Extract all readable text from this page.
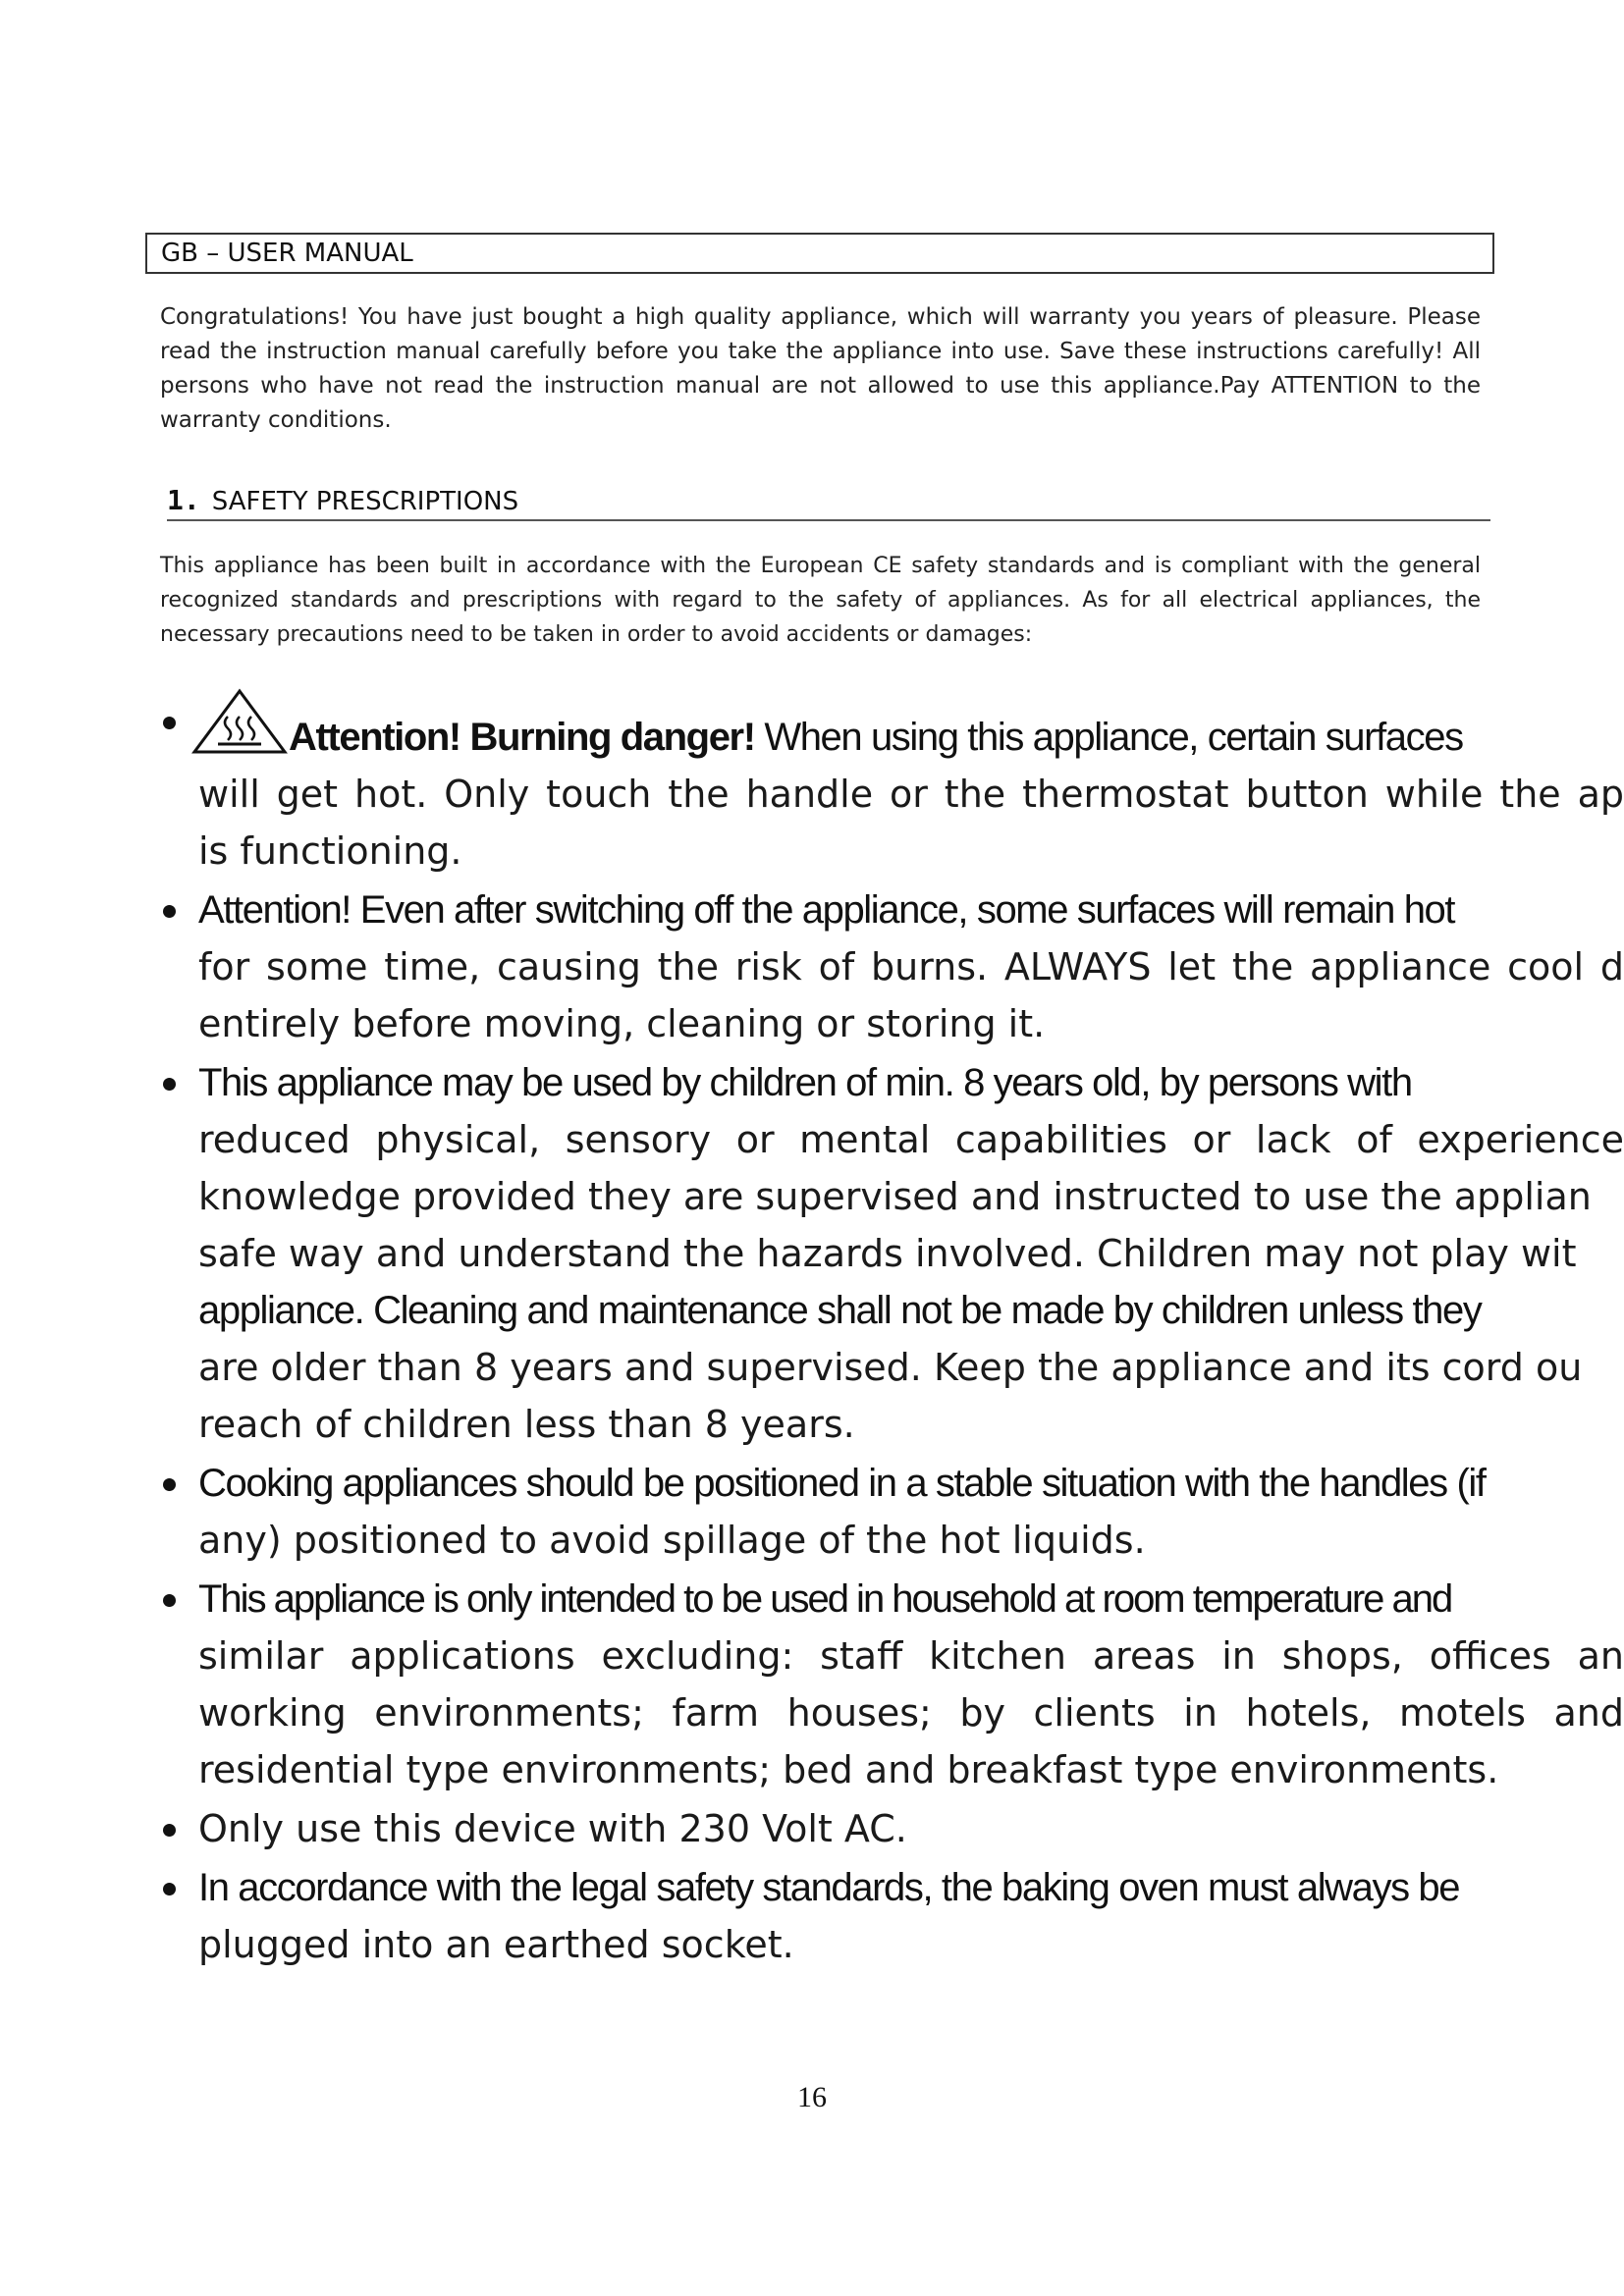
GB – USER MANUAL
Congratulations! You have just bought a high quality appliance, which will warranty you years of pleasure. Please read the instruction manual carefully before you take the appliance into use. Save these instructions carefully! All persons who have not read the instruction manual are not allowed to use this appliance.Pay ATTENTION to the warranty conditions.
1. SAFETY PRESCRIPTIONS
This appliance has been built in accordance with the European CE safety standards and is compliant with the general recognized standards and prescriptions with regard to the safety of appliances. As for all electrical appliances, the necessary precautions need to be taken in order to avoid accidents or damages:
Attention! Burning danger! When using this appliance, certain surfaces
will get hot. Only touch the handle or the thermostat button while the ap
is functioning.
Attention! Even after switching off the appliance, some surfaces will remain hot
for some time, causing the risk of burns. ALWAYS let the appliance cool d
entirely before moving, cleaning or storing it.
This appliance may be used by children of min. 8 years old, by persons with
reduced physical, sensory or mental capabilities or lack of experience
knowledge provided they are supervised and instructed to use the applian
safe way and understand the hazards involved. Children may not play wit
appliance. Cleaning and maintenance shall not be made by children unless they
are older than 8 years and supervised. Keep the appliance and its cord ou
reach of children less than 8 years.
Cooking appliances should be positioned in a stable situation with the handles (if
any) positioned to avoid spillage of the hot liquids.
This appliance is only intended to be used in household at room temperature and
similar applications excluding: staff kitchen areas in shops, offices an
working environments; farm houses; by clients in hotels, motels and
residential type environments; bed and breakfast type environments.
Only use this device with 230 Volt AC.
In accordance with the legal safety standards, the baking oven must always be
plugged into an earthed socket.
16
